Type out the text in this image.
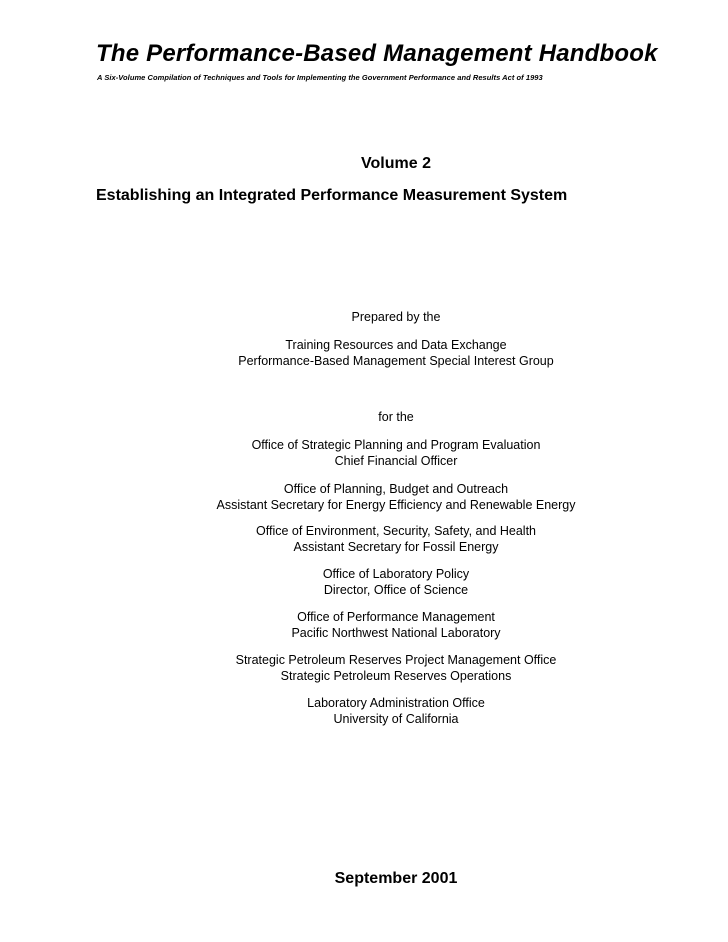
The Performance-Based Management Handbook

A Six-Volume Compilation of Techniques and Tools for Implementing the Government Performance and Results Act of 1993

Volume 2
Establishing an Integrated Performance Measurement System

Prepared by the

Training Resources and Data Exchange

Performance-Based Management Special Interest Group

for the

Office of Strategic Planning and Program Evaluation

Chief Financial Officer

Office of Planning, Budget and Outreach

Assistant Secretary for Energy Efficiency and Renewable Energy

Office of Environment, Security, Safety, and Health

Assistant Secretary for Fossil Energy

Office of Laboratory Policy

Director, Office of Science

Office of Performance Management

Pacific Northwest National Laboratory

Strategic Petroleum Reserves Project Management Office

Strategic Petroleum Reserves Operations

Laboratory Administration Office

University of California

September 2001
